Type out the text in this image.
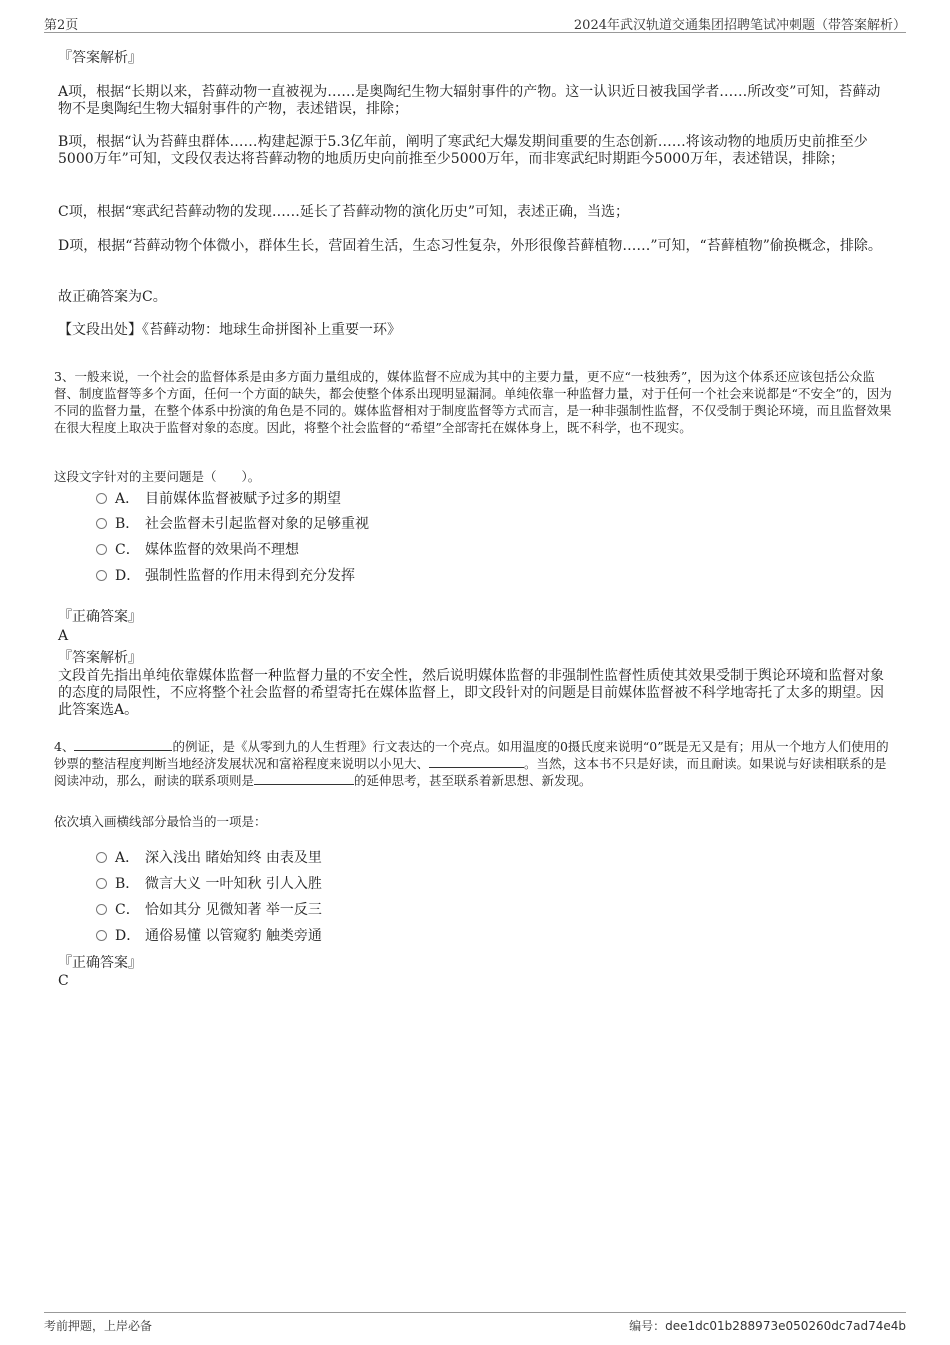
第2页	2024年武汉轨道交通集团招聘笔试冲刺题（带答案解析）
『答案解析』
A项，根据“长期以来，苔藓动物一直被视为……是奥陶纪生物大辐射事件的产物。这一认识近日被我国学者……所改变”可知，苔藓动物不是奥陶纪生物大辐射事件的产物，表述错误，排除；
B项，根据“认为苔藓虫群体……构建起源于5.3亿年前，阐明了寒武纪大爆发期间重要的生态创新……将该动物的地质历史前推至少5000万年”可知，文段仅表达将苔藓动物的地质历史向前推至少5000万年，而非寒武纪时期距今5000万年，表述错误，排除；
C项，根据“寒武纪苔藓动物的发现……延长了苔藓动物的演化历史”可知，表述正确，当选；
D项，根据“苔藓动物个体微小，群体生长，营固着生活，生态习性复杂，外形很像苔藓植物……”可知，“苔藓植物”偷换概念，排除。
故正确答案为C。
【文段出处】《苔藓动物：地球生命拼图补上重要一环》
3、一般来说，一个社会的监督体系是由多方面力量组成的，媒体监督不应成为其中的主要力量，更不应“一枝独秀”，因为这个体系还应该包括公众监督、制度监督等多个方面，任何一个方面的缺失，都会使整个体系出现明显漏洞。单纯依靠一种监督力量，对于任何一个社会来说都是“不安全”的，因为不同的监督力量，在整个体系中扮演的角色是不同的。媒体监督相对于制度监督等方式而言，是一种非强制性监督，不仅受制于舆论环境，而且监督效果在很大程度上取决于监督对象的态度。因此，将整个社会监督的“希望”全部寄托在媒体身上，既不科学，也不现实。
这段文字针对的主要问题是（　　）。
A． 目前媒体监督被赋予过多的期望
B． 社会监督未引起监督对象的足够重视
C． 媒体监督的效果尚不理想
D． 强制性监督的作用未得到充分发挥
『正确答案』
A
『答案解析』
文段首先指出单纯依靠媒体监督一种监督力量的不安全性，然后说明媒体监督的非强制性监督性质使其效果受制于舆论环境和监督对象的态度的局限性，不应将整个社会监督的希望寄托在媒体监督上，即文段针对的问题是目前媒体监督被不科学地寄托了太多的期望。因此答案选A。
4、	的例证，是《从零到九的人生哲理》行文表达的一个亮点。如用温度的0摄氏度来说明“0”既是无又是有；用从一个地方人们使用的钞票的整洁程度判断当地经济发展状况和富裕程度来说明以小见大、	。当然，这本书不只是好读，而且耐读。如果说与好读相联系的是阅读冲动，那么，耐读的联系项则是	的延伸思考，甚至联系着新思想、新发现。
依次填入画横线部分最恰当的一项是：
A． 深入浅出 睹始知终 由表及里
B． 微言大义 一叶知秋 引人入胜
C． 恰如其分 见微知著 举一反三
D． 通俗易懂 以管窥豹 触类旁通
『正确答案』
C
考前押题，上岸必备	编号：dee1dc01b288973e050260dc7ad74e4b
